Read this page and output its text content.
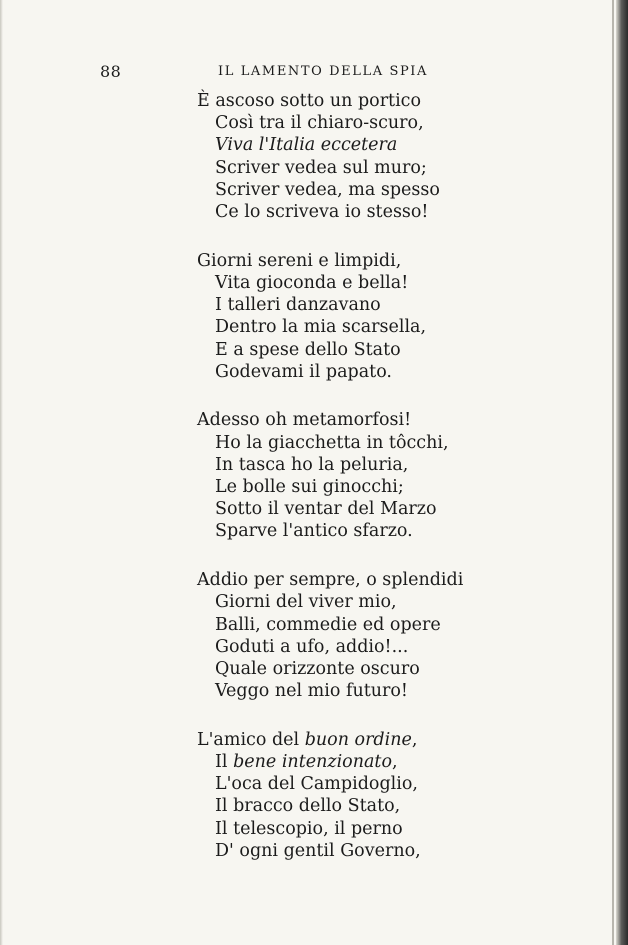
88	IL LAMENTO DELLA SPIA
È ascoso sotto un portico
Così tra il chiaro-scuro,
Viva l'Italia eccetera
Scriver vedea sul muro;
Scriver vedea, ma spesso
Ce lo scriveva io stesso!
Giorni sereni e limpidi,
Vita gioconda e bella!
I talleri danzavano
Dentro la mia scarsella,
E a spese dello Stato
Godevami il papato.
Adesso oh metamorfosi!
Ho la giacchetta in tôcchi,
In tasca ho la peluria,
Le bolle sui ginocchi;
Sotto il ventar del Marzo
Sparve l'antico sfarzo.
Addio per sempre, o splendidi
Giorni del viver mio,
Balli, commedie ed opere
Goduti a ufo, addio!...
Quale orizzonte oscuro
Veggo nel mio futuro!
L'amico del buon ordine,
Il bene intenzionato,
L'oca del Campidoglio,
Il bracco dello Stato,
Il telescopio, il perno
D' ogni gentil Governo,
